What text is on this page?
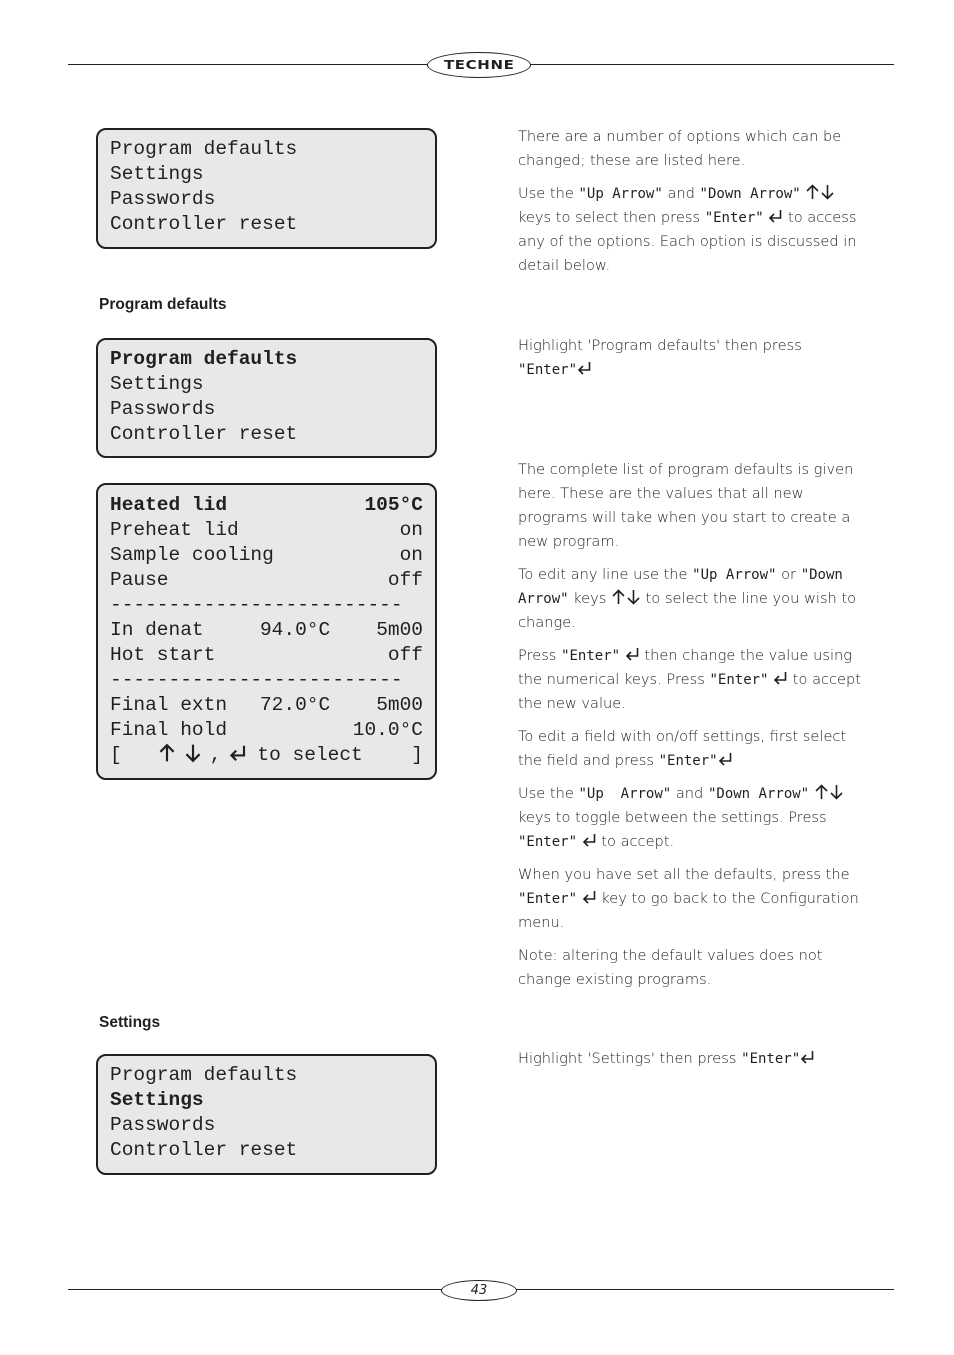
TECHNE
Program defaults
Settings
Passwords
Controller reset

There are a number of options which can be changed; these are listed here.

Use the "Up Arrow" and "Down Arrow"  keys to select then press "Enter" to access any of the options. Each option is discussed in detail below.

Program defaults
Program defaults
Settings
Passwords
Controller reset

Highlight 'Program defaults' then press "Enter"

Heated lid	105°C
Preheat lid	on
Sample cooling	on
Pause	off
-------------------------
In denat	94.0°C 5m00
Hot start	off
-------------------------
Final extn 72.0°C 5m00
Final hold	10.0°C
[	, to select ]

The complete list of program defaults is given here. These are the values that all new programs will take when you start to create a new program.

To edit any line use the "Up Arrow" or "Down Arrow" keys	to select the line you wish to change.

Press "Enter" then change the value using the numerical keys. Press "Enter" to accept the new value.

To edit a field with on/off settings, first select the field and press "Enter"

Use the "Up  Arrow" and "Down Arrow"  keys to toggle between the settings. Press "Enter" to accept.

When you have set all the defaults, press the "Enter" key to go back to the Configuration menu.

Note: altering the default values does not change existing programs.

Settings
Program defaults
Settings
Passwords
Controller reset

Highlight 'Settings' then press "Enter"

43
